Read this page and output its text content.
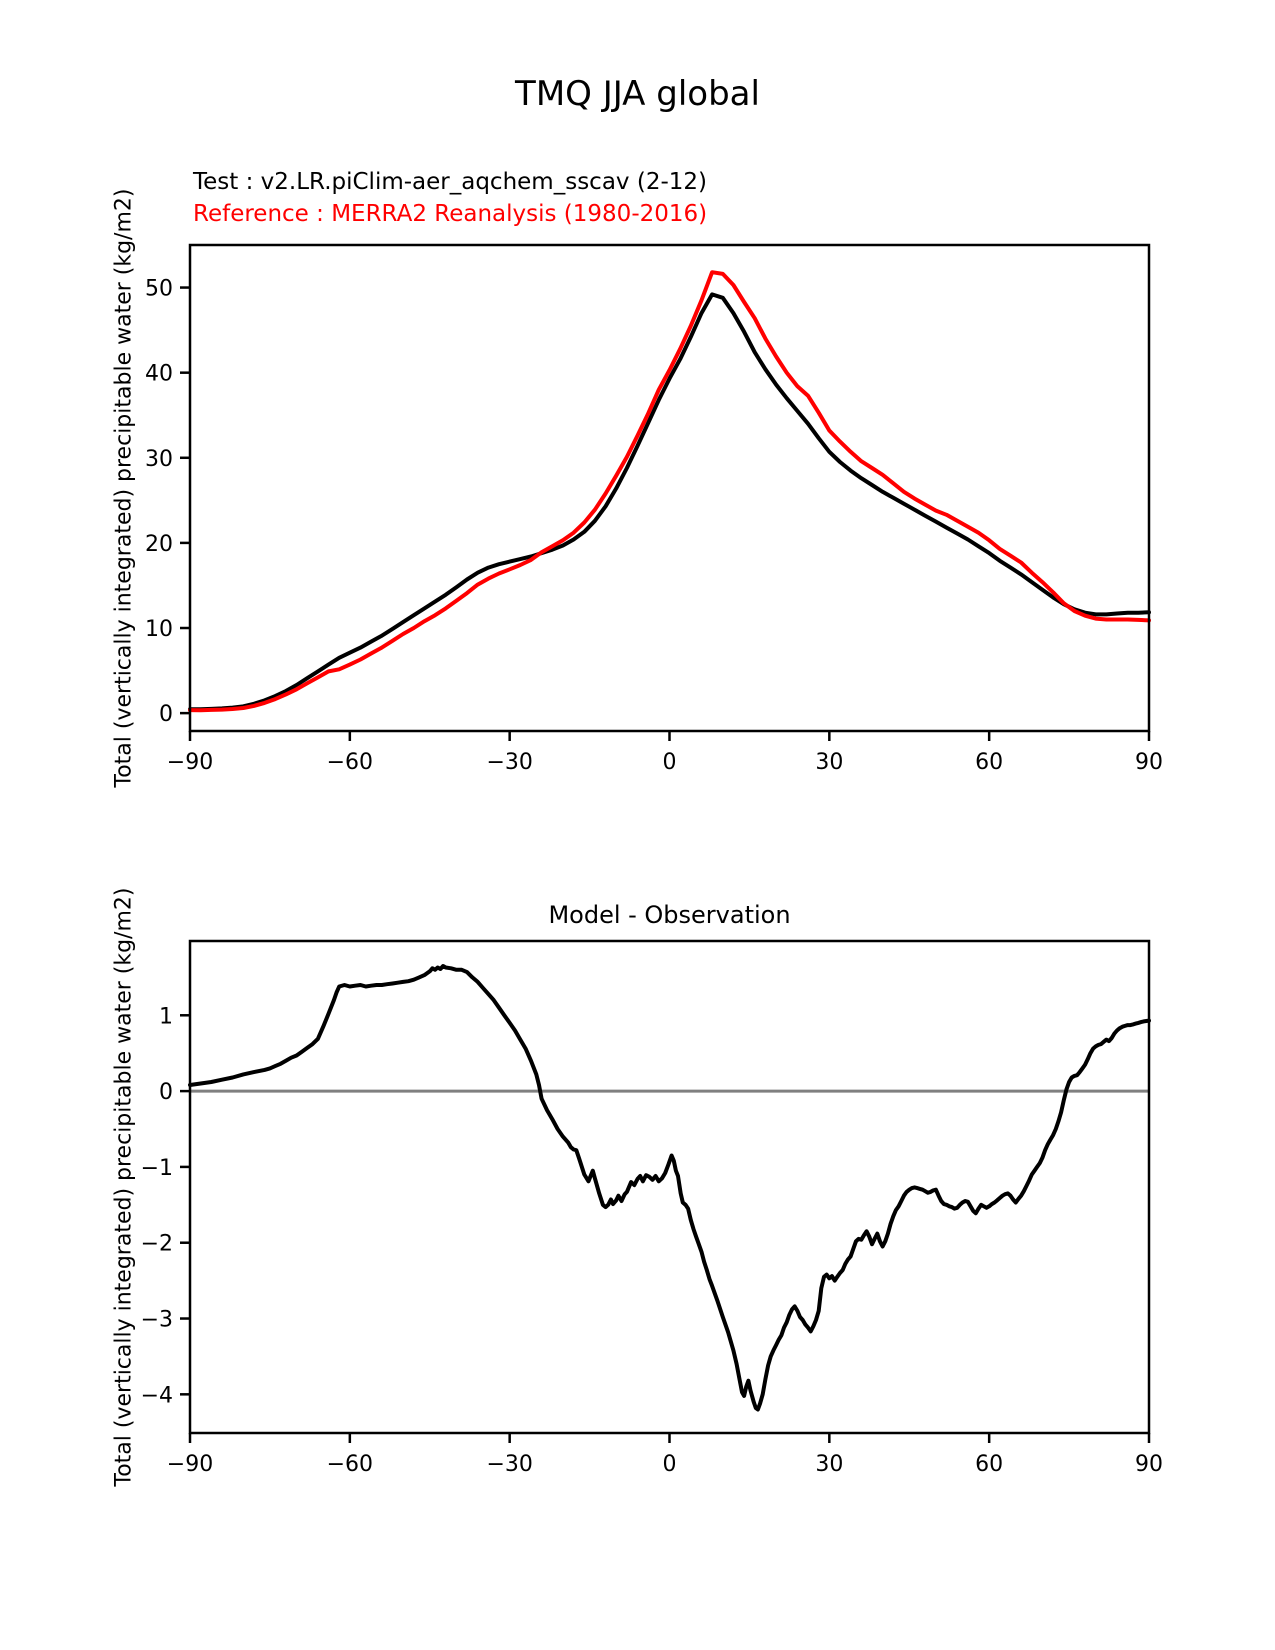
TMQ JJA global
Test : v2.LR.piClim-aer_aqchem_sscav (2-12)
Reference : MERRA2 Reanalysis (1980-2016)
Total (vertically integrated) precipitable water (kg/m2)
Model - Observation
Total (vertically integrated) precipitable water (kg/m2)
−90	−60	−30	0	30	60	90
0
10
20
30
40
50
−90	−60	−30	0	30	60	90
1
0
−1
−2
−3
−4
